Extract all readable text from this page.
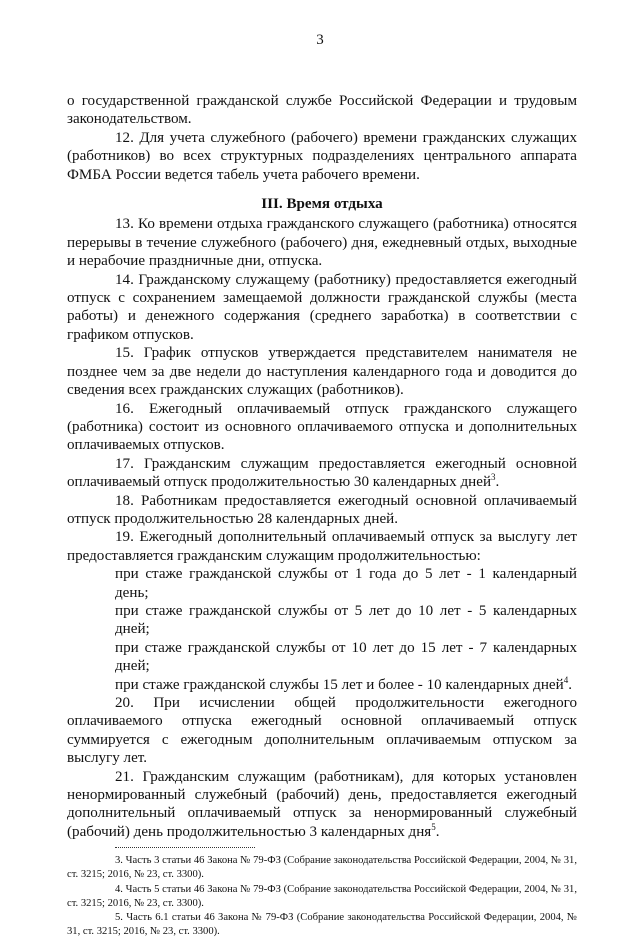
3

о государственной гражданской службе Российской Федерации и трудовым законодательством.

12. Для учета служебного (рабочего) времени гражданских служащих (работников) во всех структурных подразделениях центрального аппарата ФМБА России ведется табель учета рабочего времени.

III. Время отдыха

13. Ко времени отдыха гражданского служащего (работника) относятся перерывы в течение служебного (рабочего) дня, ежедневный отдых, выходные и нерабочие праздничные дни, отпуска.

14. Гражданскому служащему (работнику) предоставляется ежегодный отпуск с сохранением замещаемой должности гражданской службы (места работы) и денежного содержания (среднего заработка) в соответствии с графиком отпусков.

15. График отпусков утверждается представителем нанимателя не позднее чем за две недели до наступления календарного года и доводится до сведения всех гражданских служащих (работников).

16. Ежегодный оплачиваемый отпуск гражданского служащего (работника) состоит из основного оплачиваемого отпуска и дополнительных оплачиваемых отпусков.

17. Гражданским служащим предоставляется ежегодный основной оплачиваемый отпуск продолжительностью 30 календарных дней$^3$.

18. Работникам предоставляется ежегодный основной оплачиваемый отпуск продолжительностью 28 календарных дней.

19. Ежегодный дополнительный оплачиваемый отпуск за выслугу лет предоставляется гражданским служащим продолжительностью:

при стаже гражданской службы от 1 года до 5 лет - 1 календарный день;

при стаже гражданской службы от 5 лет до 10 лет - 5 календарных дней;

при стаже гражданской службы от 10 лет до 15 лет - 7 календарных дней;

при стаже гражданской службы 15 лет и более - 10 календарных дней$^4$.

20. При исчислении общей продолжительности ежегодного оплачиваемого отпуска ежегодный основной оплачиваемый отпуск суммируется с ежегодным дополнительным оплачиваемым отпуском за выслугу лет.

21. Гражданским служащим (работникам), для которых установлен ненормированный служебный (рабочий) день, предоставляется ежегодный дополнительный оплачиваемый отпуск за ненормированный служебный (рабочий) день продолжительностью 3 календарных дня$^5$.

3. Часть 3 статьи 46 Закона № 79-ФЗ (Собрание законодательства Российской Федерации, 2004, № 31, ст. 3215; 2016, № 23, ст. 3300).

4. Часть 5 статьи 46 Закона № 79-ФЗ (Собрание законодательства Российской Федерации, 2004, № 31, ст. 3215; 2016, № 23, ст. 3300).

5. Часть 6.1 статьи 46 Закона № 79-ФЗ (Собрание законодательства Российской Федерации, 2004, № 31, ст. 3215; 2016, № 23, ст. 3300).
